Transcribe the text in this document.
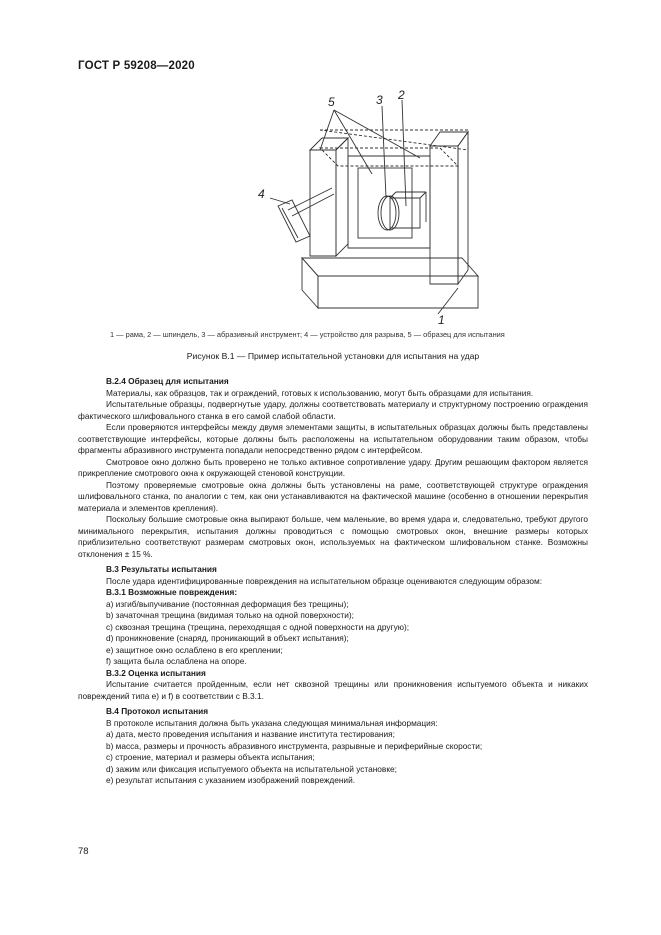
ГОСТ Р 59208—2020
5	3 2
4
1
1 — рама, 2 — шпиндель, 3 — абразивный инструмент; 4 — устройство для разрыва, 5 — образец для испытания
Рисунок В.1 — Пример испытательной установки для испытания на удар

В.2.4 Образец для испытания

Материалы, как образцов, так и ограждений, готовых к использованию, могут быть образцами для испытания.

Испытательные образцы, подвергнутые удару, должны соответствовать материалу и структурному построению ограждения фактического шлифовального станка в его самой слабой области.

Если проверяются интерфейсы между двумя элементами защиты, в испытательных образцах должны быть представлены соответствующие интерфейсы, которые должны быть расположены на испытательном оборудовании таким образом, чтобы фрагменты абразивного инструмента попадали непосредственно рядом с интерфейсом.

Смотровое окно должно быть проверено не только активное сопротивление удару. Другим решающим фактором является прикрепление смотрового окна к окружающей стеновой конструкции.

Поэтому проверяемые смотровые окна должны быть установлены на раме, соответствующей структуре ограждения шлифовального станка, по аналогии с тем, как они устанавливаются на фактической машине (особенно в отношении перекрытия материала и элементов крепления).

Поскольку большие смотровые окна выпирают больше, чем маленькие, во время удара и, следовательно, требуют другого минимального перекрытия, испытания должны проводиться с помощью смотровых окон, внешние размеры которых приблизительно соответствуют размерам смотровых окон, используемых на фактическом шлифовальном станке. Возможны отклонения ± 15 %.

В.3 Результаты испытания

После удара идентифицированные повреждения на испытательном образце оцениваются следующим образом:

В.3.1 Возможные повреждения:

a) изгиб/выпучивание (постоянная деформация без трещины);

b) зачаточная трещина (видимая только на одной поверхности);

c) сквозная трещина (трещина, переходящая с одной поверхности на другую);

d) проникновение (снаряд, проникающий в объект испытания);

e) защитное окно ослаблено в его креплении;

f) защита была ослаблена на опоре.

В.3.2 Оценка испытания

Испытание считается пройденным, если нет сквозной трещины или проникновения испытуемого объекта и никаких повреждений типа e) и f) в соответствии с В.3.1.

В.4 Протокол испытания

В протоколе испытания должна быть указана следующая минимальная информация:

a) дата, место проведения испытания и название института тестирования;

b) масса, размеры и прочность абразивного инструмента, разрывные и периферийные скорости;

c) строение, материал и размеры объекта испытания;

d) зажим или фиксация испытуемого объекта на испытательной установке;

e) результат испытания с указанием изображений повреждений.

78
